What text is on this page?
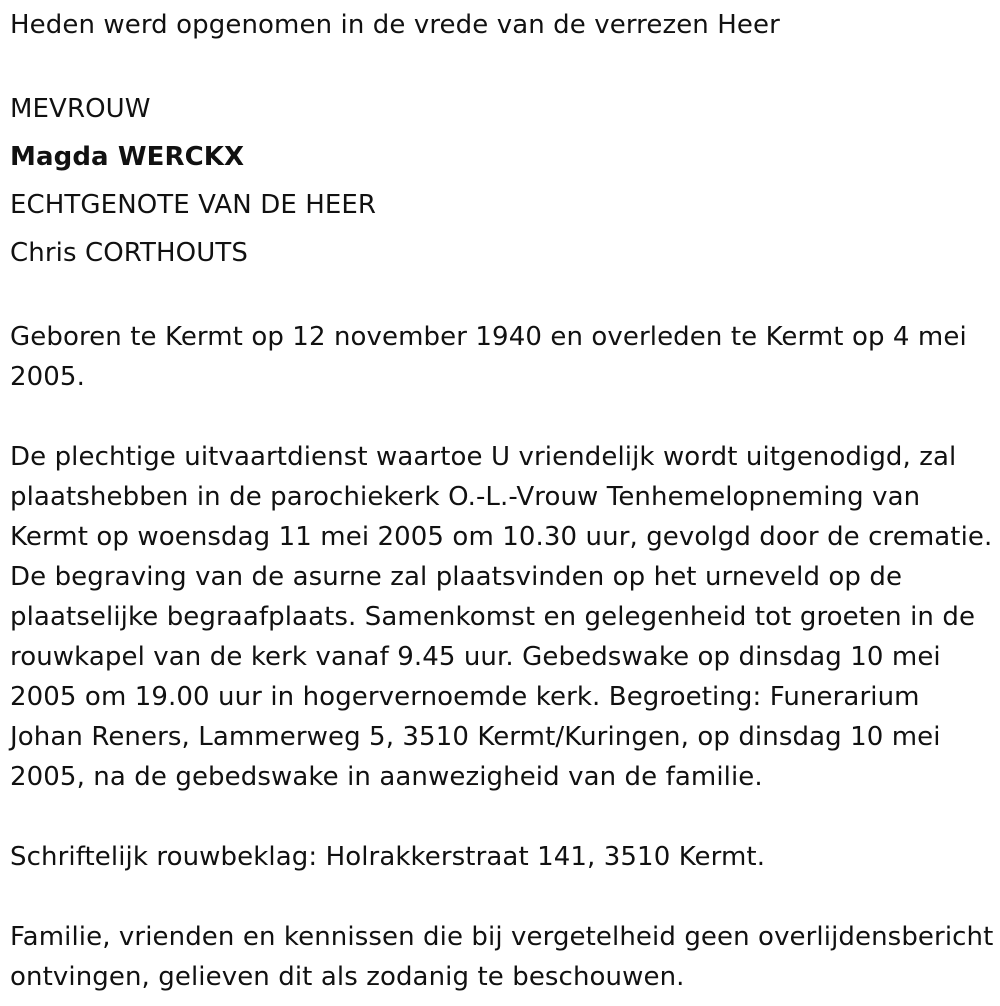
Heden werd opgenomen in de vrede van de verrezen Heer

MEVROUW

Magda WERCKX

ECHTGENOTE VAN DE HEER

Chris CORTHOUTS

Geboren te Kermt op 12 november 1940 en overleden te Kermt op 4 mei 2005.

De plechtige uitvaartdienst waartoe U vriendelijk wordt uitgenodigd, zal plaatshebben in de parochiekerk O.-L.-Vrouw Tenhemelopneming van Kermt op woensdag 11 mei 2005 om 10.30 uur, gevolgd door de crematie. De begraving van de asurne zal plaatsvinden op het urneveld op de plaatselijke begraafplaats. Samenkomst en gelegenheid tot groeten in de rouwkapel van de kerk vanaf 9.45 uur. Gebedswake op dinsdag 10 mei 2005 om 19.00 uur in hogervernoemde kerk. Begroeting: Funerarium Johan Reners, Lammerweg 5, 3510 Kermt/Kuringen, op dinsdag 10 mei 2005, na de gebedswake in aanwezigheid van de familie.

Schriftelijk rouwbeklag: Holrakkerstraat 141, 3510 Kermt.

Familie, vrienden en kennissen die bij vergetelheid geen overlijdensbericht ontvingen, gelieven dit als zodanig te beschouwen.
